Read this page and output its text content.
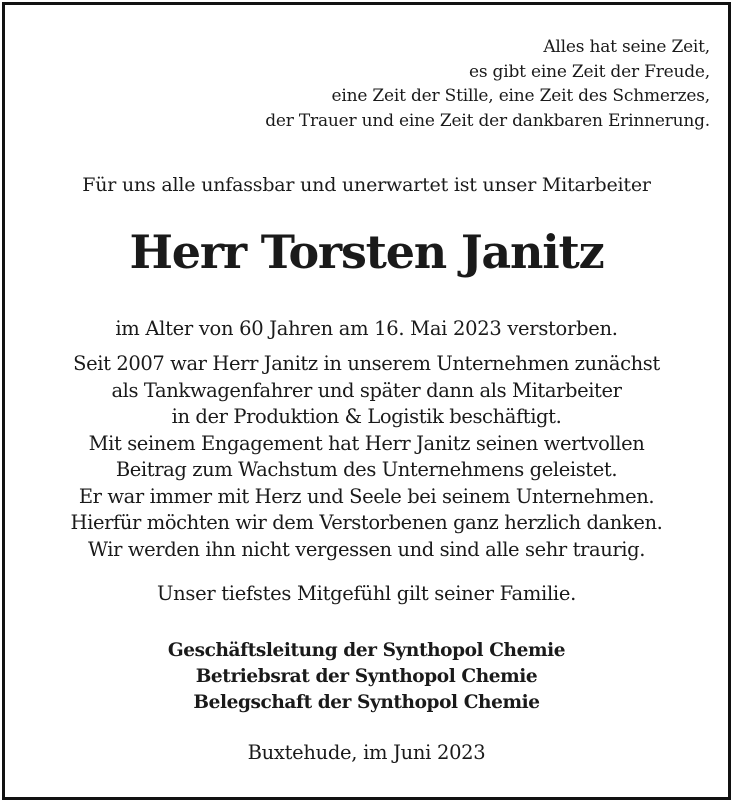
Alles hat seine Zeit,
es gibt eine Zeit der Freude,
eine Zeit der Stille, eine Zeit des Schmerzes,
der Trauer und eine Zeit der dankbaren Erinnerung.
Für uns alle unfassbar und unerwartet ist unser Mitarbeiter
Herr Torsten Janitz
im Alter von 60 Jahren am 16. Mai 2023 verstorben.
Seit 2007 war Herr Janitz in unserem Unternehmen zunächst
als Tankwagenfahrer und später dann als Mitarbeiter
in der Produktion & Logistik beschäftigt.
Mit seinem Engagement hat Herr Janitz seinen wertvollen
Beitrag zum Wachstum des Unternehmens geleistet.
Er war immer mit Herz und Seele bei seinem Unternehmen.
Hierfür möchten wir dem Verstorbenen ganz herzlich danken.
Wir werden ihn nicht vergessen und sind alle sehr traurig.
Unser tiefstes Mitgefühl gilt seiner Familie.
Geschäftsleitung der Synthopol Chemie
Betriebsrat der Synthopol Chemie
Belegschaft der Synthopol Chemie
Buxtehude, im Juni 2023
